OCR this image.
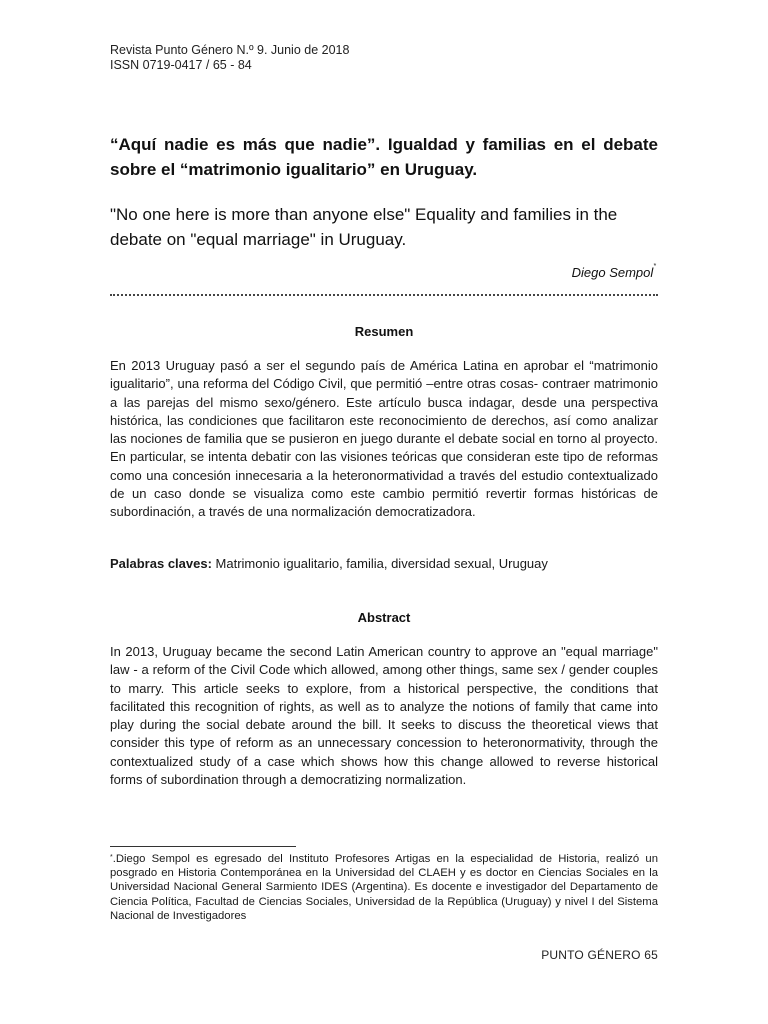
Revista Punto Género N.º 9. Junio de 2018
ISSN 0719-0417 / 65 - 84
“Aquí nadie es más que nadie”. Igualdad y familias en el debate sobre el “matrimonio igualitario” en Uruguay.
"No one here is more than anyone else" Equality and families in the debate on "equal marriage" in Uruguay.
Diego Sempol*
Resumen

En 2013 Uruguay pasó a ser el segundo país de América Latina en aprobar el “matrimonio igualitario”, una reforma del Código Civil, que permitió –entre otras cosas- contraer matrimonio a las parejas del mismo sexo/género. Este artículo busca indagar, desde una perspectiva histórica, las condiciones que facilitaron este reconocimiento de derechos, así como analizar las nociones de familia que se pusieron en juego durante el debate social en torno al proyecto. En particular, se intenta debatir con las visiones teóricas que consideran este tipo de reformas como una concesión innecesaria a la heteronormatividad a través del estudio contextualizado de un caso donde se visualiza como este cambio permitió revertir formas históricas de subordinación, a través de una normalización democratizadora.

Palabras claves: Matrimonio igualitario, familia, diversidad sexual, Uruguay
Abstract

In 2013, Uruguay became the second Latin American country to approve an "equal marriage" law - a reform of the Civil Code which allowed, among other things, same sex / gender couples to marry. This article seeks to explore, from a historical perspective, the conditions that facilitated this recognition of rights, as well as to analyze the notions of family that came into play during the social debate around the bill. It seeks to discuss the theoretical views that consider this type of reform as an unnecessary concession to heteronormativity, through the contextualized study of a case which shows how this change allowed to reverse historical forms of subordination through a democratizing normalization.

*.Diego Sempol es egresado del Instituto Profesores Artigas en la especialidad de Historia, realizó un posgrado en Historia Contemporánea en la Universidad del CLAEH y es doctor en Ciencias Sociales en la Universidad Nacional General Sarmiento IDES (Argentina). Es docente e investigador del Departamento de Ciencia Política, Facultad de Ciencias Sociales, Universidad de la República (Uruguay) y nivel I del Sistema Nacional de Investigadores

PUNTO GÉNERO 65
